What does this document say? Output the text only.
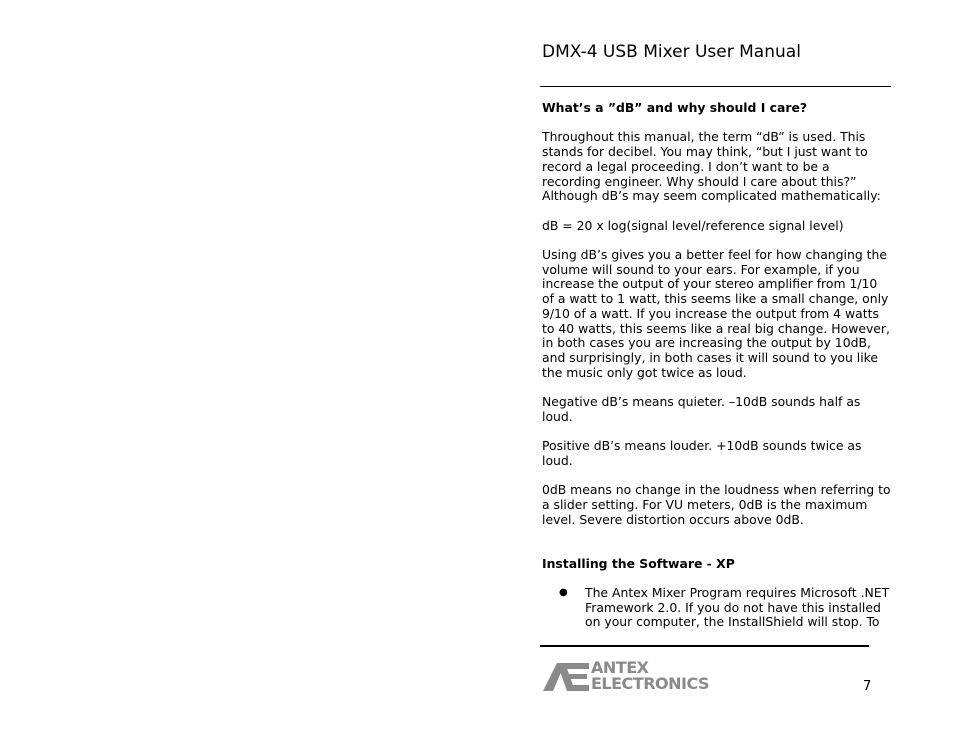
DMX-4 USB Mixer User Manual

What’s a ”dB” and why should I care?

Throughout this manual, the term “dB” is used. This stands for decibel. You may think, “but I just want to record a legal proceeding. I don’t want to be a recording engineer. Why should I care about this?” Although dB’s may seem complicated mathematically:

dB = 20 x log(signal level/reference signal level)

Using dB’s gives you a better feel for how changing the volume will sound to your ears. For example, if you increase the output of your stereo amplifier from 1/10 of a watt to 1 watt, this seems like a small change, only 9/10 of a watt. If you increase the output from 4 watts to 40 watts, this seems like a real big change. However, in both cases you are increasing the output by 10dB, and surprisingly, in both cases it will sound to you like the music only got twice as loud.

Negative dB’s means quieter. –10dB sounds half as loud.

Positive dB’s means louder. +10dB sounds twice as loud.

0dB means no change in the loudness when referring to a slider setting. For VU meters, 0dB is the maximum level. Severe distortion occurs above 0dB.

Installing the Software - XP

●	The Antex Mixer Program requires Microsoft .NET Framework 2.0. If you do not have this installed on your computer, the InstallShield will stop. To
ANTEX
ELECTRONICS	7
